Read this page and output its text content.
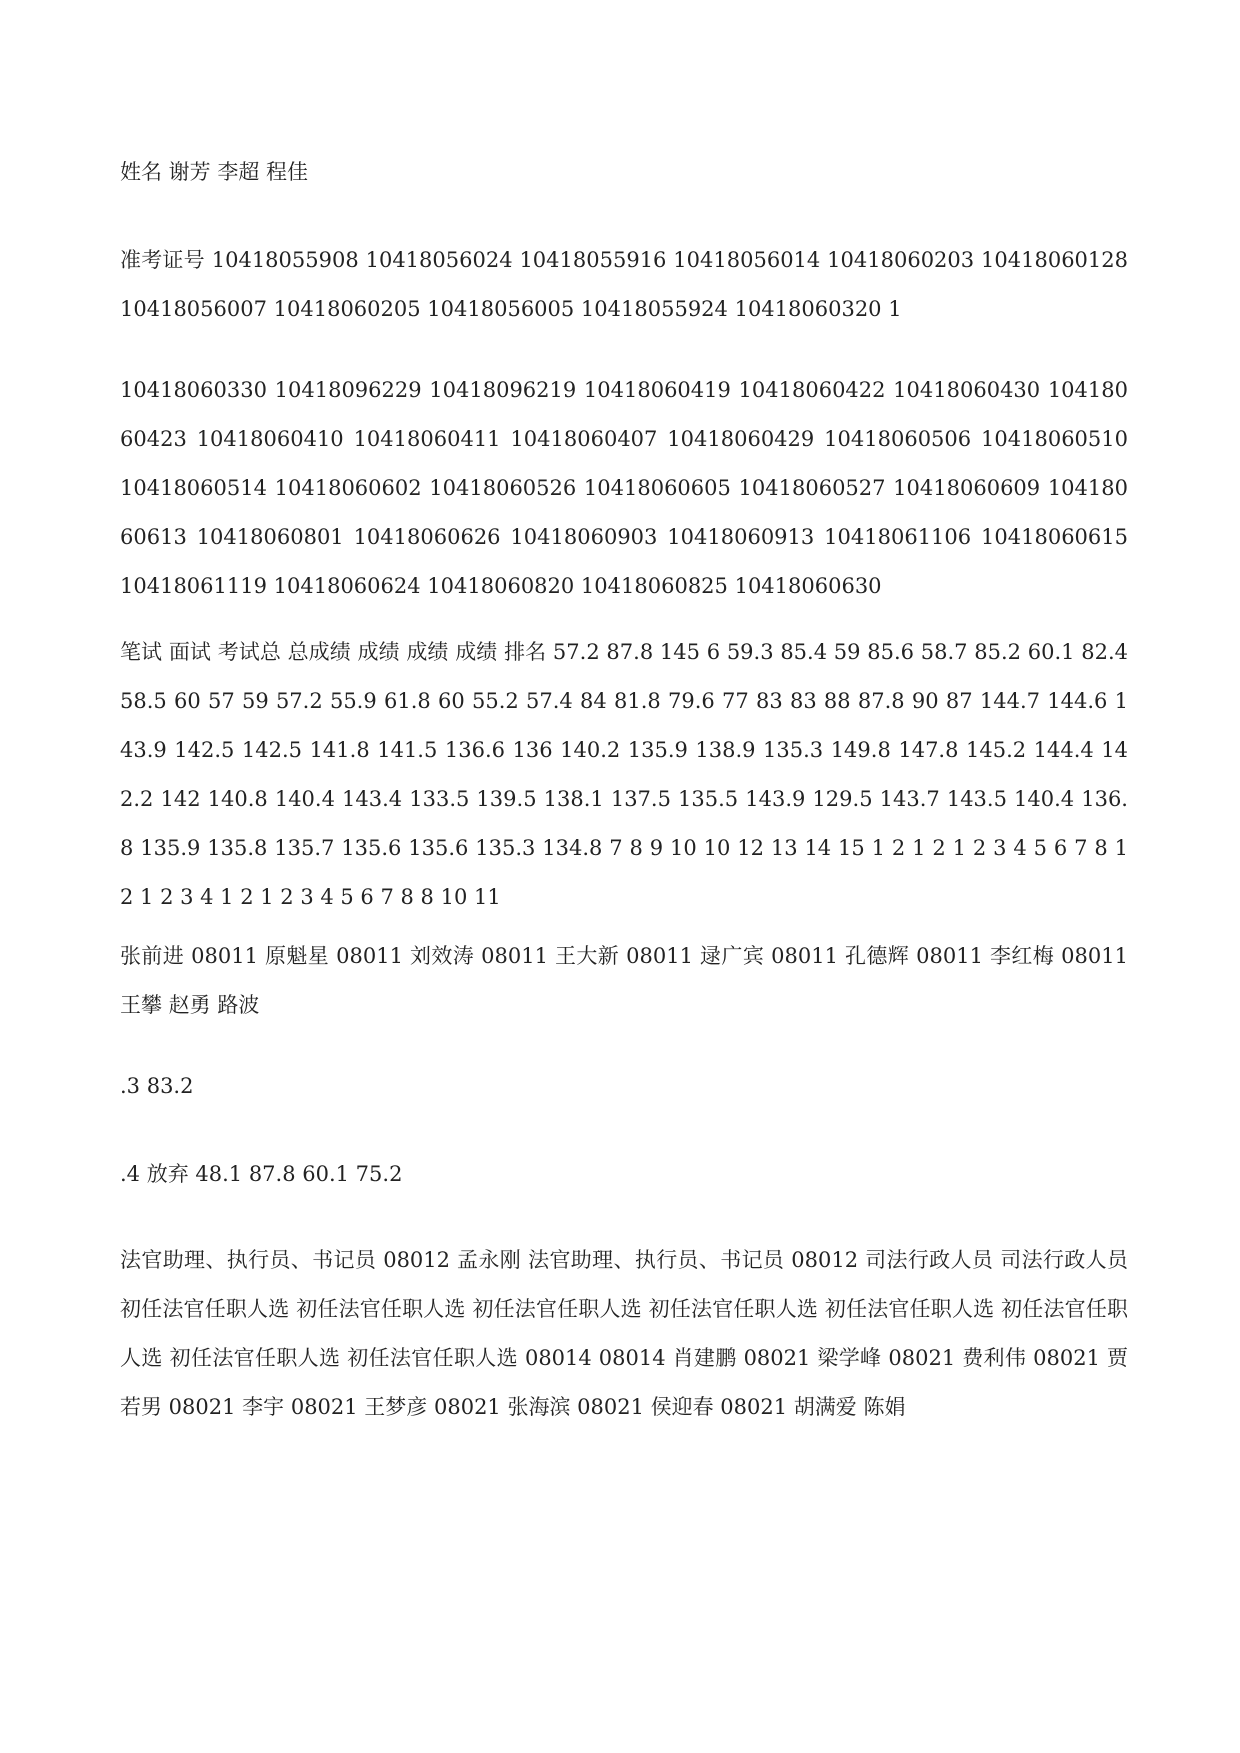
姓名 谢芳 李超 程佳

准考证号 10418055908 10418056024 10418055916 10418056014 10418060203 10418060128 10418056007 10418060205 10418056005 10418055924 10418060320 1

10418060330 10418096229 10418096219 10418060419 10418060422 10418060430 10418060423 10418060410 10418060411 10418060407 10418060429 10418060506 10418060510 10418060514 10418060602 10418060526 10418060605 10418060527 10418060609 10418060613 10418060801 10418060626 10418060903 10418060913 10418061106 10418060615 10418061119 10418060624 10418060820 10418060825 10418060630

笔试 面试 考试总 总成绩 成绩 成绩 成绩 排名 57.2 87.8 145 6 59.3 85.4 59 85.6 58.7 85.2 60.1 82.4 58.5 60 57 59 57.2 55.9 61.8 60 55.2 57.4 84 81.8 79.6 77 83 83 88 87.8 90 87 144.7 144.6 143.9 142.5 142.5 141.8 141.5 136.6 136 140.2 135.9 138.9 135.3 149.8 147.8 145.2 144.4 142.2 142 140.8 140.4 143.4 133.5 139.5 138.1 137.5 135.5 143.9 129.5 143.7 143.5 140.4 136.8 135.9 135.8 135.7 135.6 135.6 135.3 134.8 7 8 9 10 10 12 13 14 15 1 2 1 2 1 2 3 4 5 6 7 8 1 2 1 2 3 4 1 2 1 2 3 4 5 6 7 8 8 10 11

张前进 08011 原魁星 08011 刘效涛 08011 王大新 08011 逯广宾 08011 孔德辉 08011 李红梅 08011 王攀 赵勇 路波

.3 83.2

.4 放弃 48.1 87.8 60.1 75.2

法官助理、执行员、书记员 08012 孟永刚 法官助理、执行员、书记员 08012 司法行政人员 司法行政人员 初任法官任职人选 初任法官任职人选 初任法官任职人选 初任法官任职人选 初任法官任职人选 初任法官任职人选 初任法官任职人选 初任法官任职人选 08014 08014 肖建鹏 08021 梁学峰 08021 费利伟 08021 贾若男 08021 李宇 08021 王梦彦 08021 张海滨 08021 侯迎春 08021 胡满爱 陈娟
